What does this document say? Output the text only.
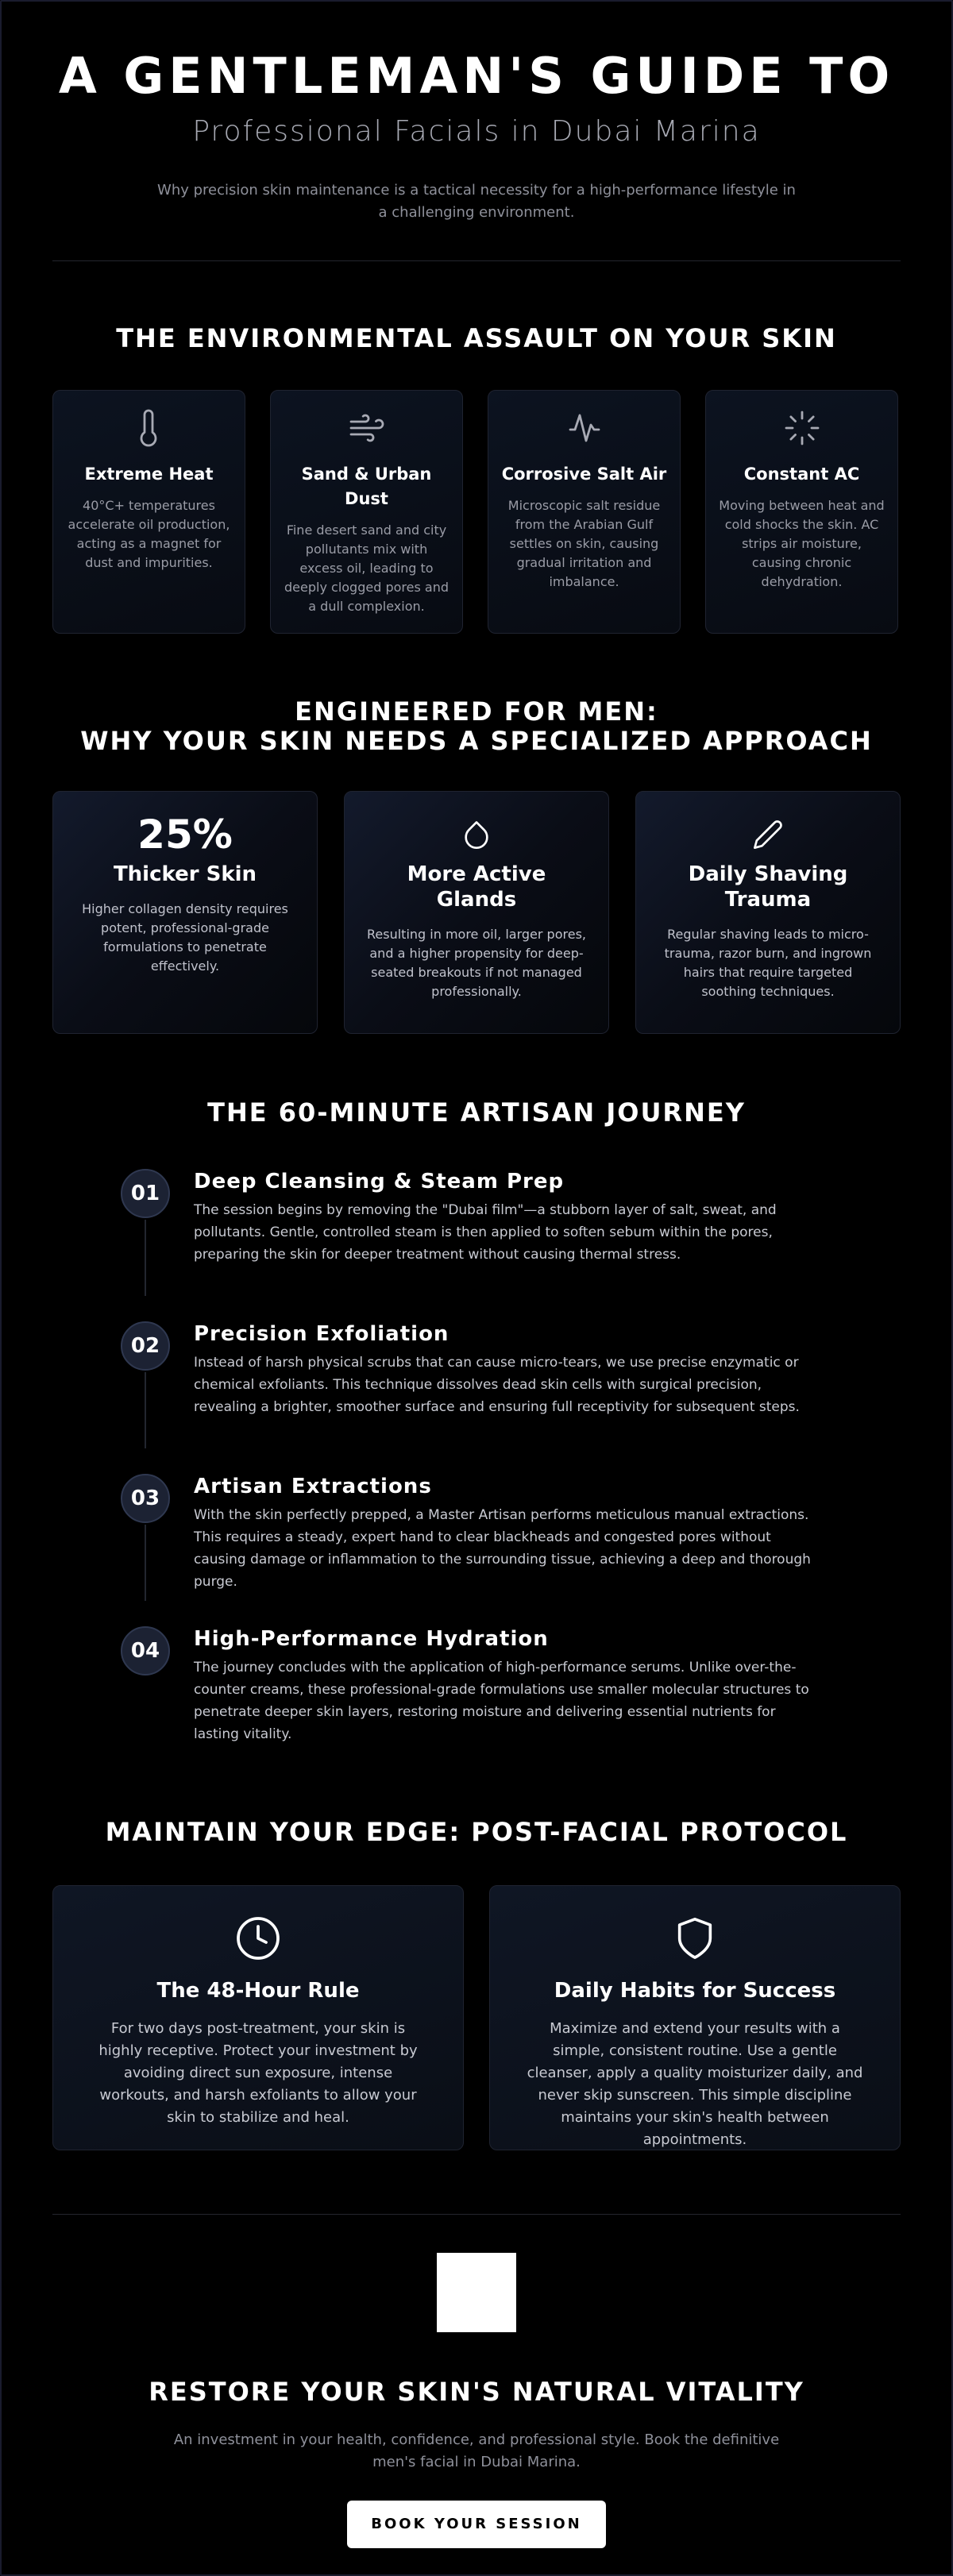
A GENTLEMAN'S GUIDE TO
Professional Facials in Dubai Marina

Why precision skin maintenance is a tactical necessity for a high-performance lifestyle in a challenging environment.

THE ENVIRONMENTAL ASSAULT ON YOUR SKIN
Extreme Heat

40°C+ temperatures accelerate oil production, acting as a magnet for dust and impurities.

Sand & Urban Dust

Fine desert sand and city pollutants mix with excess oil, leading to deeply clogged pores and a dull complexion.

Corrosive Salt Air

Microscopic salt residue from the Arabian Gulf settles on skin, causing gradual irritation and imbalance.

Constant AC

Moving between heat and cold shocks the skin. AC strips air moisture, causing chronic dehydration.

ENGINEERED FOR MEN:
WHY YOUR SKIN NEEDS A SPECIALIZED APPROACH
25%
Thicker Skin

Higher collagen density requires potent, professional-grade formulations to penetrate effectively.

More Active Glands

Resulting in more oil, larger pores, and a higher propensity for deep-seated breakouts if not managed professionally.

Daily Shaving Trauma

Regular shaving leads to micro-trauma, razor burn, and ingrown hairs that require targeted soothing techniques.

THE 60-MINUTE ARTISAN JOURNEY
01	Deep Cleansing & Steam Prep

The session begins by removing the "Dubai film"—a stubborn layer of salt, sweat, and pollutants. Gentle, controlled steam is then applied to soften sebum within the pores, preparing the skin for deeper treatment without causing thermal stress.

02	Precision Exfoliation

Instead of harsh physical scrubs that can cause micro-tears, we use precise enzymatic or chemical exfoliants. This technique dissolves dead skin cells with surgical precision, revealing a brighter, smoother surface and ensuring full receptivity for subsequent steps.

03	Artisan Extractions

With the skin perfectly prepped, a Master Artisan performs meticulous manual extractions. This requires a steady, expert hand to clear blackheads and congested pores without causing damage or inflammation to the surrounding tissue, achieving a deep and thorough purge.

04	High-Performance Hydration

The journey concludes with the application of high-performance serums. Unlike over-the-counter creams, these professional-grade formulations use smaller molecular structures to penetrate deeper skin layers, restoring moisture and delivering essential nutrients for lasting vitality.

MAINTAIN YOUR EDGE: POST-FACIAL PROTOCOL
The 48-Hour Rule

For two days post-treatment, your skin is highly receptive. Protect your investment by avoiding direct sun exposure, intense workouts, and harsh exfoliants to allow your skin to stabilize and heal.

Daily Habits for Success

Maximize and extend your results with a simple, consistent routine. Use a gentle cleanser, apply a quality moisturizer daily, and never skip sunscreen. This simple discipline maintains your skin's health between appointments.

RESTORE YOUR SKIN'S NATURAL VITALITY

An investment in your health, confidence, and professional style. Book the definitive men's facial in Dubai Marina.

BOOK YOUR SESSION
